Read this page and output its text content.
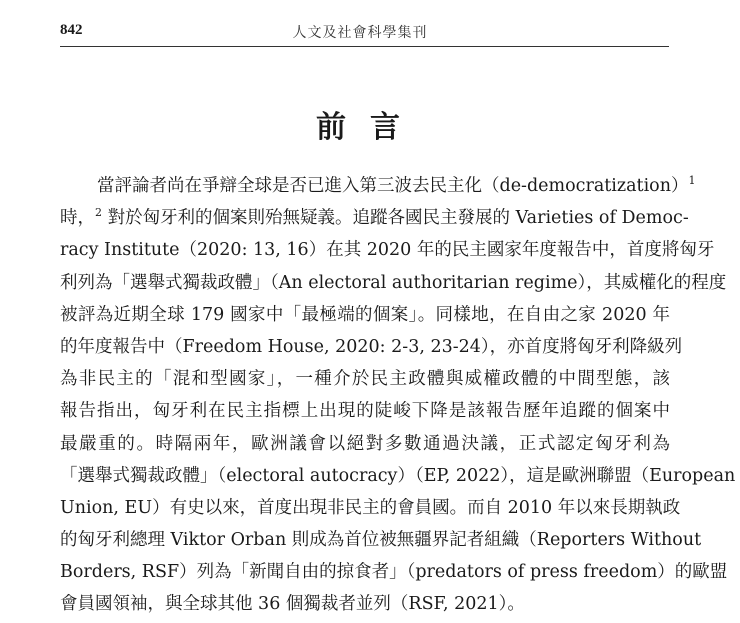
842	人文及社會科學集刊
前言
當評論者尚在爭辯全球是否已進入第三波去民主化（de-democratization）$^1$
時，$^2$ 對於匈牙利的個案則殆無疑義。追蹤各國民主發展的 Varieties of Democ-
racy Institute（2020: 13, 16）在其 2020 年的民主國家年度報告中，首度將匈牙
利列為「選舉式獨裁政體」（An electoral authoritarian regime），其威權化的程度
被評為近期全球 179 國家中「最極端的個案」。同樣地，在自由之家 2020 年
的年度報告中（Freedom House, 2020: 2-3, 23-24），亦首度將匈牙利降級列
為非民主的「混和型國家」，一種介於民主政體與威權政體的中間型態，該
報告指出，匈牙利在民主指標上出現的陡峻下降是該報告歷年追蹤的個案中
最嚴重的。時隔兩年，歐洲議會以絕對多數通過決議，正式認定匈牙利為
「選舉式獨裁政體」（electoral autocracy）（EP, 2022），這是歐洲聯盟（European
Union, EU）有史以來，首度出現非民主的會員國。而自 2010 年以來長期執政
的匈牙利總理 Viktor Orban 則成為首位被無疆界記者組織（Reporters Without
Borders, RSF）列為「新聞自由的掠食者」（predators of press freedom）的歐盟
會員國領袖，與全球其他 36 個獨裁者並列（RSF, 2021）。
